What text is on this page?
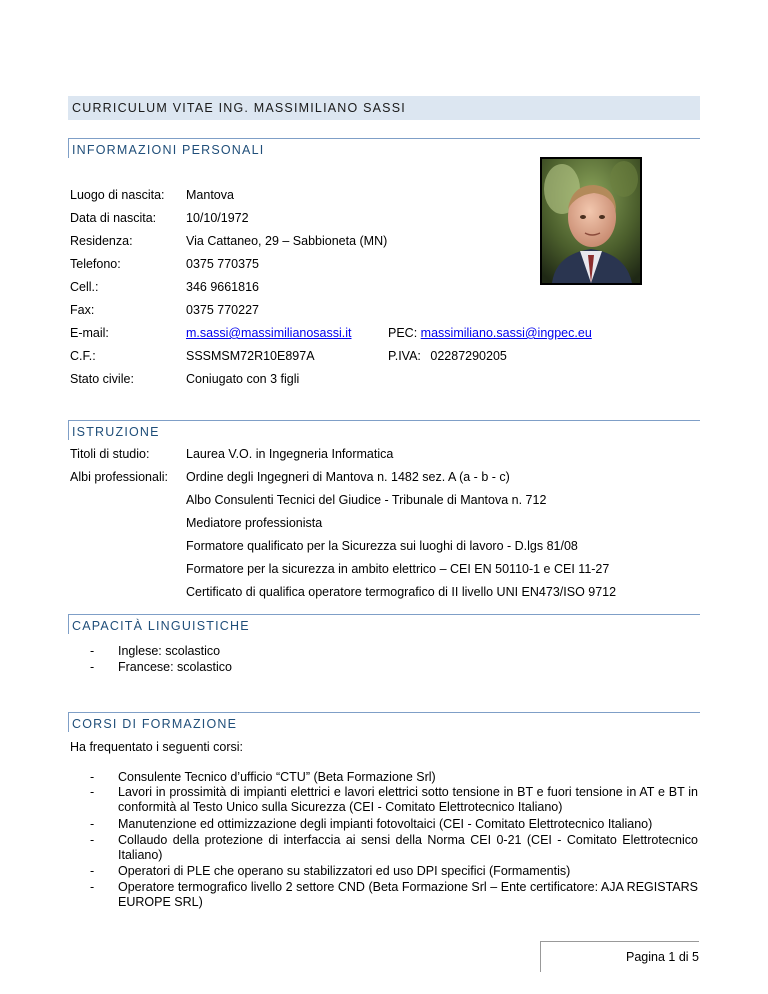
CURRICULUM VITAE ING. MASSIMILIANO SASSI
INFORMAZIONI PERSONALI
Luogo di nascita: Mantova
Data di nascita: 10/10/1972
Residenza:	Via Cattaneo, 29 – Sabbioneta (MN)
Telefono:	0375 770375
Cell.:	346 9661816
Fax:	0375 770227
E-mail:	m.sassi@massimilianosassi.it	PEC: massimiliano.sassi@ingpec.eu
C.F.:	SSSMSM72R10E897A	P.IVA: 02287290205
Stato civile:	Coniugato con 3 figli
ISTRUZIONE
Titoli di studio:	Laurea V.O. in Ingegneria Informatica
Albi professionali: Ordine degli Ingegneri di Mantova n. 1482 sez. A (a - b - c)
Albo Consulenti Tecnici del Giudice - Tribunale di Mantova n. 712
Mediatore professionista
Formatore qualificato per la Sicurezza sui luoghi di lavoro - D.lgs 81/08
Formatore per la sicurezza in ambito elettrico – CEI EN 50110-1 e CEI 11-27
Certificato di qualifica operatore termografico di II livello UNI EN473/ISO 9712
CAPACITÀ LINGUISTICHE
- Inglese: scolastico
- Francese: scolastico
CORSI DI FORMAZIONE
Ha frequentato i seguenti corsi:
- Consulente Tecnico d’ufficio “CTU” (Beta Formazione Srl)
- Lavori in prossimità di impianti elettrici e lavori elettrici sotto tensione in BT e fuori tensione in AT e BT in conformità al Testo Unico sulla Sicurezza (CEI - Comitato Elettrotecnico Italiano)
- Manutenzione ed ottimizzazione degli impianti fotovoltaici (CEI - Comitato Elettrotecnico Italiano)
- Collaudo della protezione di interfaccia ai sensi della Norma CEI 0-21 (CEI - Comitato Elettrotecnico Italiano)
- Operatori di PLE che operano su stabilizzatori ed uso DPI specifici (Formamentis)
- Operatore termografico livello 2 settore CND (Beta Formazione Srl – Ente certificatore: AJA REGISTARS EUROPE SRL)
Pagina 1 di 5
